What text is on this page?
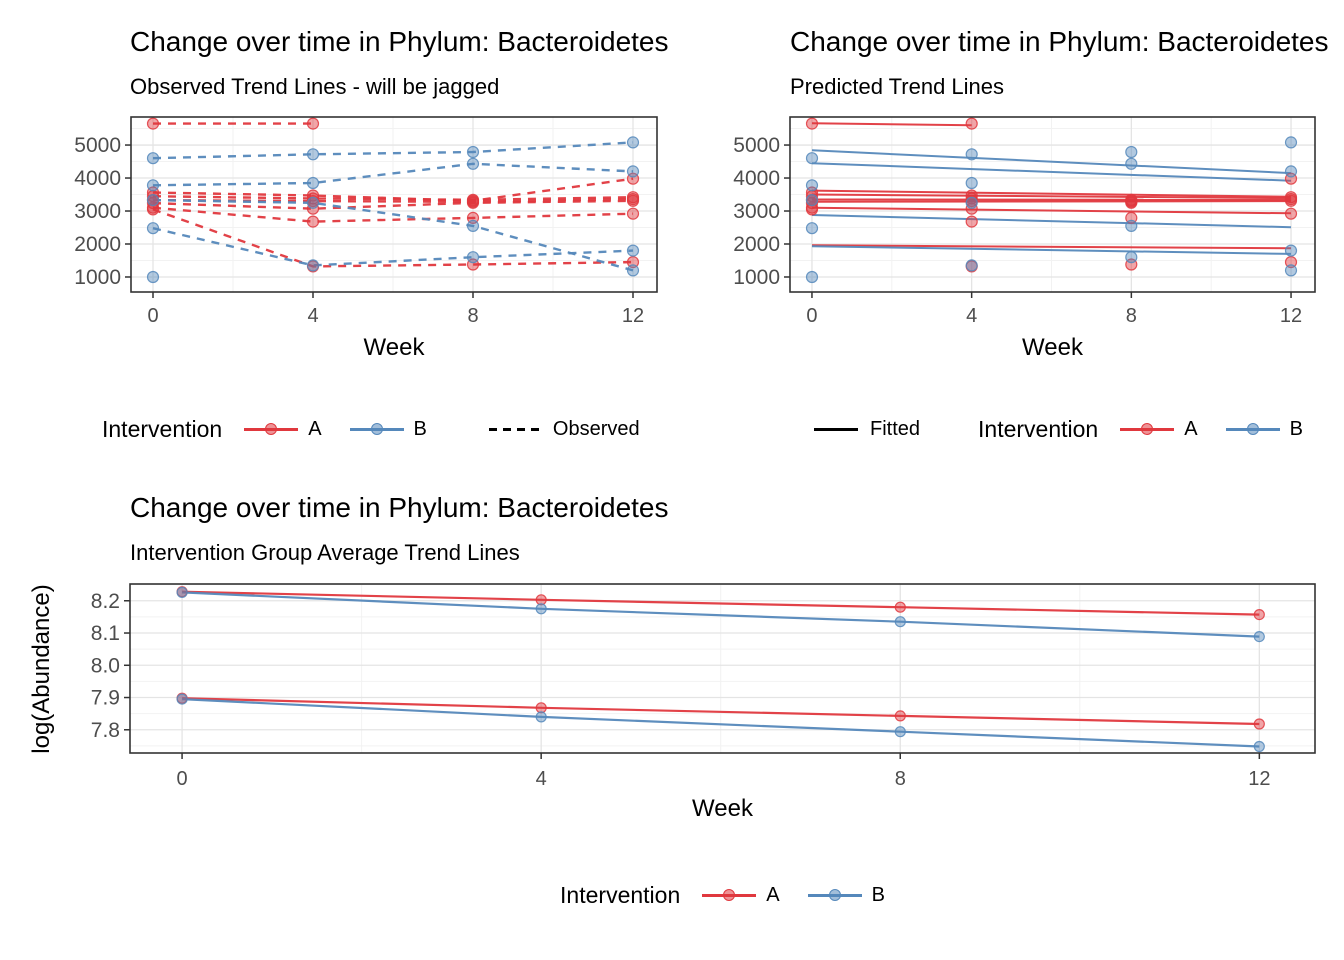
Change over time in Phylum: Bacteroidetes
Observed Trend Lines - will be jagged
0	4	8	12
1000
2000
3000
4000
5000
Week
Intervention	A	B	Observed
Change over time in Phylum: Bacteroidetes
Predicted Trend Lines
0	4	8	12
1000
2000
3000
4000
5000
Week
Fitted	Intervention	A	B
Change over time in Phylum: Bacteroidetes
Intervention Group Average Trend Lines
log(Abundance)
0	4	8	12
7.8
7.9
8.0
8.1
8.2
Week
Intervention	A	B
